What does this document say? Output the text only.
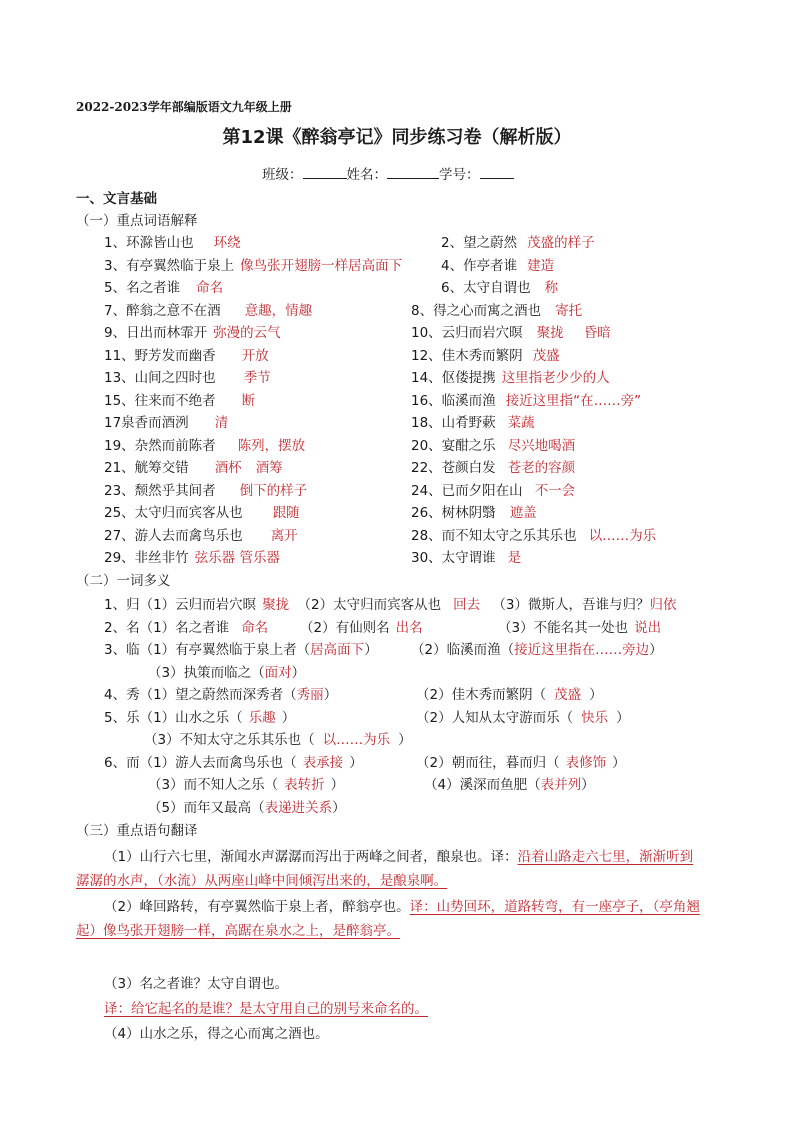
2022-2023学年部编版语文九年级上册
第12课《醉翁亭记》同步练习卷（解析版）
班级：	姓名：	学号：
一、文言基础
（一）重点词语解释
1、环滁皆山也 环绕	2、望之蔚然 茂盛的样子
3、有亭翼然临于泉上 像鸟张开翅膀一样居高面下	4、作亭者谁 建造
5、名之者谁 命名	6、太守自谓也 称
7、醉翁之意不在酒 意趣，情趣	8、得之心而寓之酒也 寄托
9、日出而林霏开 弥漫的云气	10、云归而岩穴暝 聚拢 昏暗
11、野芳发而幽香 开放	12、佳木秀而繁阴 茂盛
13、山间之四时也 季节	14、伛偻提携 这里指老少少的人
15、往来而不绝者 断	16、临溪而渔 接近这里指“在……旁”
17泉香而酒洌 清	18、山肴野蔌 菜蔬
19、杂然而前陈者 陈列，摆放	20、宴酣之乐 尽兴地喝酒
21、觥筹交错 酒杯 酒筹	22、苍颜白发 苍老的容颜
23、颓然乎其间者 倒下的样子	24、已而夕阳在山 不一会
25、太守归而宾客从也 跟随	26、树林阴翳 遮盖
27、游人去而禽鸟乐也 离开	28、而不知太守之乐其乐也 以……为乐
29、非丝非竹 弦乐器 管乐器	30、太守谓谁 是
（二）一词多义
1、归（1）云归而岩穴暝 聚拢 （2）太守归而宾客从也 回去 （3）微斯人，吾谁与归？归依
2、名（1）名之者谁 命名 （2）有仙则名 出名	（3）不能名其一处也 说出
3、临（1）有亭翼然临于泉上者（居高面下） （2）临溪而渔（接近这里指在……旁边）
（3）执策而临之（面对）
4、秀（1）望之蔚然而深秀者（秀丽）	（2）佳木秀而繁阴（ 茂盛 ）
5、乐（1）山水之乐（ 乐趣 ）	（2）人知从太守游而乐（ 快乐 ）
（3）不知太守之乐其乐也（ 以……为乐 ）
6、而（1）游人去而禽鸟乐也（ 表承接 ）	（2）朝而往，暮而归（ 表修饰 ）
（3）而不知人之乐（ 表转折 ）	（4）溪深而鱼肥（表并列）
（5）而年又最高（表递进关系）
（三）重点语句翻译
（1）山行六七里，渐闻水声潺潺而泻出于两峰之间者，酿泉也。译：沿着山路走六七里，渐渐听到
潺潺的水声，（水流）从两座山峰中间倾泻出来的，是酿泉啊。
（2）峰回路转，有亭翼然临于泉上者，醉翁亭也。译：山势回环，道路转弯，有一座亭子，（亭角翘
起）像鸟张开翅膀一样，高踞在泉水之上，是醉翁亭。
（3）名之者谁？太守自谓也。
译：给它起名的是谁？是太守用自己的别号来命名的。
（4）山水之乐，得之心而寓之酒也。
